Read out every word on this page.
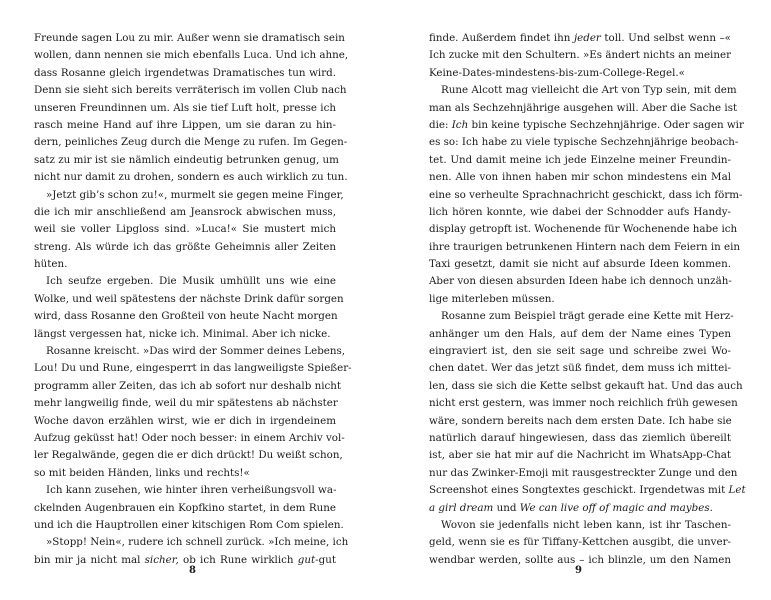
Freunde sagen Lou zu mir. Außer wenn sie dramatisch sein
wollen, dann nennen sie mich ebenfalls Luca. Und ich ahne,
dass Rosanne gleich irgendetwas Dramatisches tun wird.
Denn sie sieht sich bereits verräterisch im vollen Club nach
unseren Freundinnen um. Als sie tief Luft holt, presse ich
rasch meine Hand auf ihre Lippen, um sie daran zu hin-
dern, peinliches Zeug durch die Menge zu rufen. Im Gegen-
satz zu mir ist sie nämlich eindeutig betrunken genug, um
nicht nur damit zu drohen, sondern es auch wirklich zu tun.
»Jetzt gib’s schon zu!«, murmelt sie gegen meine Finger,
die ich mir anschließend am Jeansrock abwischen muss,
weil sie voller Lipgloss sind. »Luca!« Sie mustert mich
streng. Als würde ich das größte Geheimnis aller Zeiten
hüten.
Ich seufze ergeben. Die Musik umhüllt uns wie eine
Wolke, und weil spätestens der nächste Drink dafür sorgen
wird, dass Rosanne den Großteil von heute Nacht morgen
längst vergessen hat, nicke ich. Minimal. Aber ich nicke.
Rosanne kreischt. »Das wird der Sommer deines Lebens,
Lou! Du und Rune, eingesperrt in das langweiligste Spießer-
programm aller Zeiten, das ich ab sofort nur deshalb nicht
mehr langweilig finde, weil du mir spätestens ab nächster
Woche davon erzählen wirst, wie er dich in irgendeinem
Aufzug geküsst hat! Oder noch besser: in einem Archiv vol-
ler Regalwände, gegen die er dich drückt! Du weißt schon,
so mit beiden Händen, links und rechts!«
Ich kann zusehen, wie hinter ihren verheißungsvoll wa-
ckelnden Augenbrauen ein Kopfkino startet, in dem Rune
und ich die Hauptrollen einer kitschigen Rom Com spielen.
»Stopp! Nein«, rudere ich schnell zurück. »Ich meine, ich
bin mir ja nicht mal sicher, ob ich Rune wirklich gut-gut
8
finde. Außerdem findet ihn jeder toll. Und selbst wenn –«
Ich zucke mit den Schultern. »Es ändert nichts an meiner
Keine-Dates-mindestens-bis-zum-College-Regel.«
Rune Alcott mag vielleicht die Art von Typ sein, mit dem
man als Sechzehnjährige ausgehen will. Aber die Sache ist
die: Ich bin keine typische Sechzehnjährige. Oder sagen wir
es so: Ich habe zu viele typische Sechzehnjährige beobach-
tet. Und damit meine ich jede Einzelne meiner Freundin-
nen. Alle von ihnen haben mir schon mindestens ein Mal
eine so verheulte Sprachnachricht geschickt, dass ich förm-
lich hören konnte, wie dabei der Schnodder aufs Handy-
display getropft ist. Wochenende für Wochenende habe ich
ihre traurigen betrunkenen Hintern nach dem Feiern in ein
Taxi gesetzt, damit sie nicht auf absurde Ideen kommen.
Aber von diesen absurden Ideen habe ich dennoch unzäh-
lige miterleben müssen.
Rosanne zum Beispiel trägt gerade eine Kette mit Herz-
anhänger um den Hals, auf dem der Name eines Typen
eingraviert ist, den sie seit sage und schreibe zwei Wo-
chen datet. Wer das jetzt süß findet, dem muss ich mittei-
len, dass sie sich die Kette selbst gekauft hat. Und das auch
nicht erst gestern, was immer noch reichlich früh gewesen
wäre, sondern bereits nach dem ersten Date. Ich habe sie
natürlich darauf hingewiesen, dass das ziemlich übereilt
ist, aber sie hat mir auf die Nachricht im WhatsApp-Chat
nur das Zwinker-Emoji mit rausgestreckter Zunge und den
Screenshot eines Songtextes geschickt. Irgendetwas mit Let
a girl dream und We can live off of magic and maybes.
Wovon sie jedenfalls nicht leben kann, ist ihr Taschen-
geld, wenn sie es für Tiffany-Kettchen ausgibt, die unver-
wendbar werden, sollte aus – ich blinzle, um den Namen
9
